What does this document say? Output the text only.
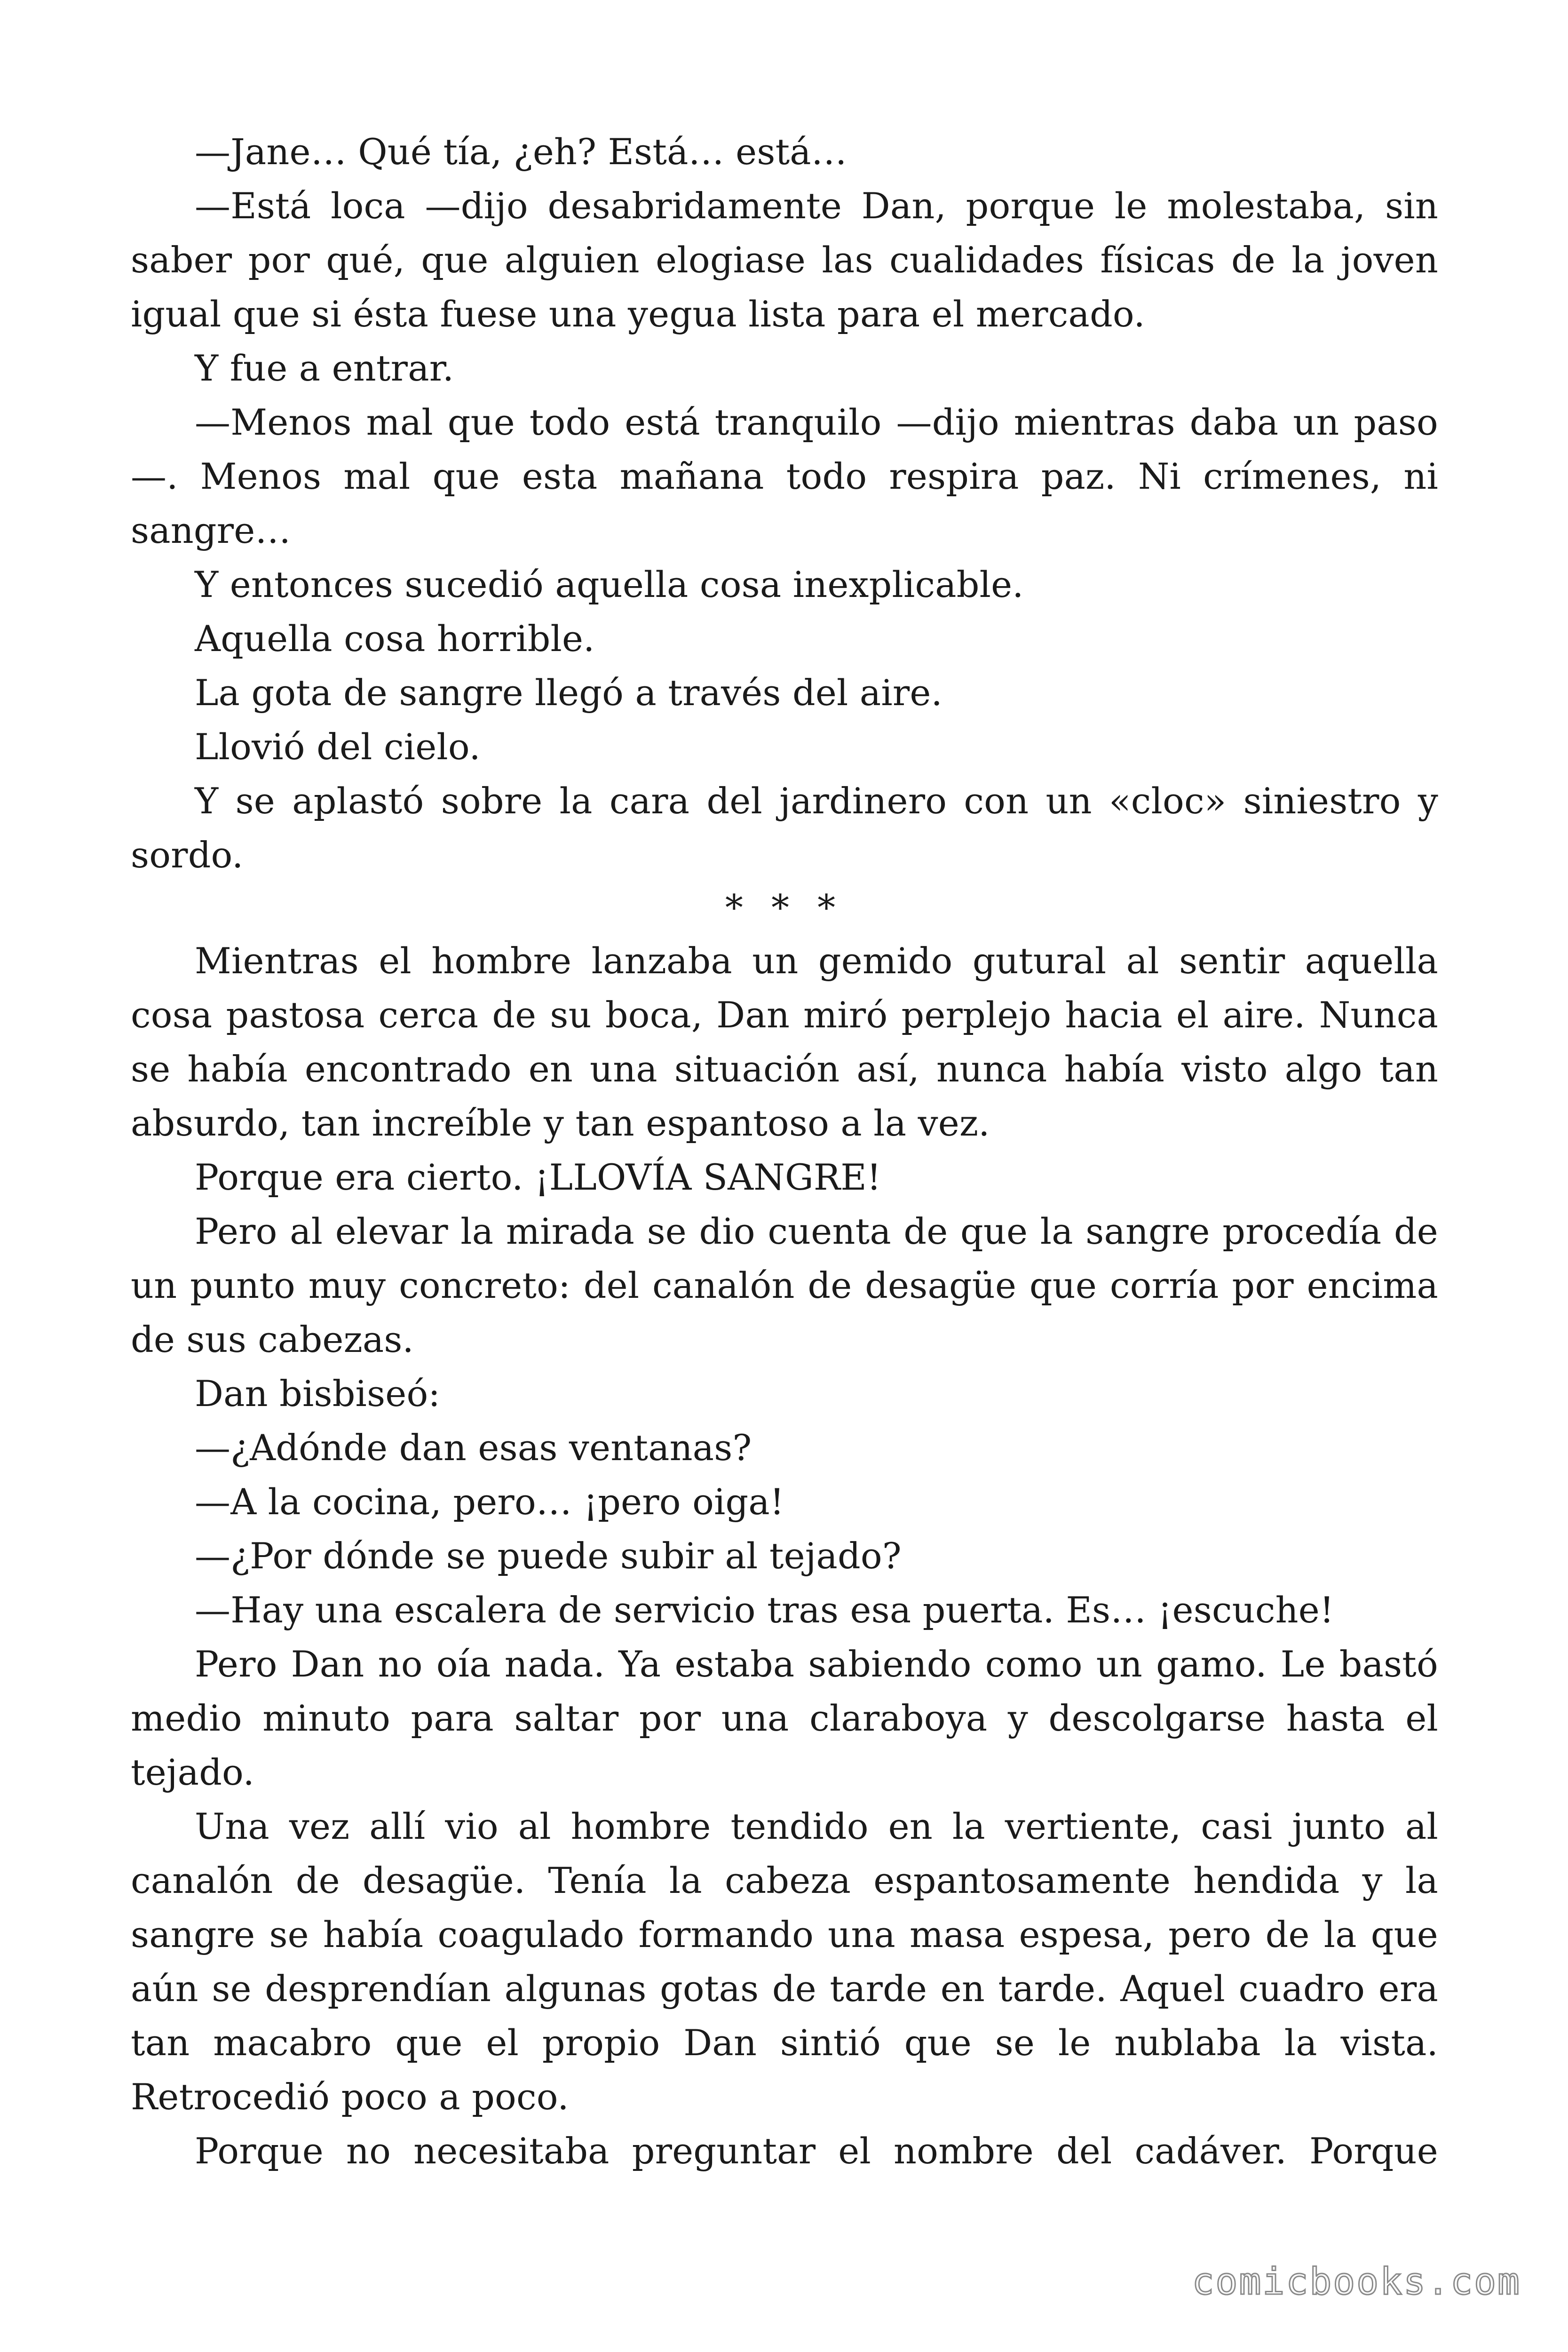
—Jane… Qué tía, ¿eh? Está… está…

—Está loca —dijo desabridamente Dan, porque le molestaba, sin saber por qué, que alguien elogiase las cualidades físicas de la joven igual que si ésta fuese una yegua lista para el mercado.

Y fue a entrar.

—Menos mal que todo está tranquilo —dijo mientras daba un paso—. Menos mal que esta mañana todo respira paz. Ni crímenes, ni sangre…

Y entonces sucedió aquella cosa inexplicable.

Aquella cosa horrible.

La gota de sangre llegó a través del aire.

Llovió del cielo.

Y se aplastó sobre la cara del jardinero con un «cloc» siniestro y sordo.

* * *

Mientras el hombre lanzaba un gemido gutural al sentir aquella cosa pastosa cerca de su boca, Dan miró perplejo hacia el aire. Nunca se había encontrado en una situación así, nunca había visto algo tan absurdo, tan increíble y tan espantoso a la vez.

Porque era cierto. ¡LLOVÍA SANGRE!

Pero al elevar la mirada se dio cuenta de que la sangre procedía de un punto muy concreto: del canalón de desagüe que corría por encima de sus cabezas.

Dan bisbiseó:

—¿Adónde dan esas ventanas?

—A la cocina, pero… ¡pero oiga!

—¿Por dónde se puede subir al tejado?

—Hay una escalera de servicio tras esa puerta. Es… ¡escuche!

Pero Dan no oía nada. Ya estaba sabiendo como un gamo. Le bastó medio minuto para saltar por una claraboya y descolgarse hasta el tejado.

Una vez allí vio al hombre tendido en la vertiente, casi junto al canalón de desagüe. Tenía la cabeza espantosamente hendida y la sangre se había coagulado formando una masa espesa, pero de la que aún se desprendían algunas gotas de tarde en tarde. Aquel cuadro era tan macabro que el propio Dan sintió que se le nublaba la vista. Retrocedió poco a poco.

Porque no necesitaba preguntar el nombre del cadáver. Porque

comicbooks.com
